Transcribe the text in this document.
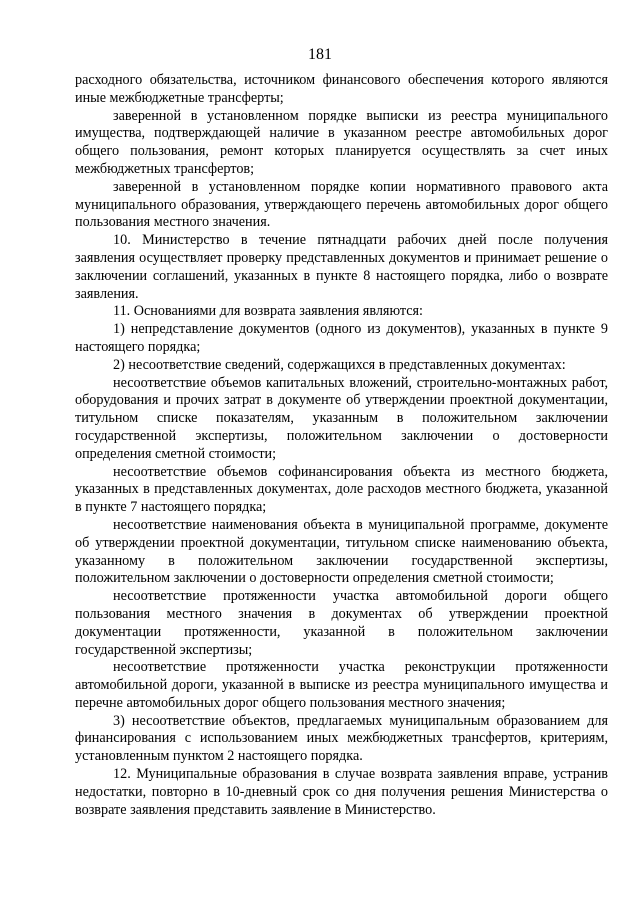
181

расходного обязательства, источником финансового обеспечения которого являются иные межбюджетные трансферты;

заверенной в установленном порядке выписки из реестра муниципального имущества, подтверждающей наличие в указанном реестре автомобильных дорог общего пользования, ремонт которых планируется осуществлять за счет иных межбюджетных трансфертов;

заверенной в установленном порядке копии нормативного правового акта муниципального образования, утверждающего перечень автомобильных дорог общего пользования местного значения.

10. Министерство в течение пятнадцати рабочих дней после получения заявления осуществляет проверку представленных документов и принимает решение о заключении соглашений, указанных в пункте 8 настоящего порядка, либо о возврате заявления.

11. Основаниями для возврата заявления являются:

1) непредставление документов (одного из документов), указанных в пункте 9 настоящего порядка;

2) несоответствие сведений, содержащихся в представленных документах:

несоответствие объемов капитальных вложений, строительно-монтажных работ, оборудования и прочих затрат в документе об утверждении проектной документации, титульном списке показателям, указанным в положительном заключении государственной экспертизы, положительном заключении о достоверности определения сметной стоимости;

несоответствие объемов софинансирования объекта из местного бюджета, указанных в представленных документах, доле расходов местного бюджета, указанной в пункте 7 настоящего порядка;

несоответствие наименования объекта в муниципальной программе, документе об утверждении проектной документации, титульном списке наименованию объекта, указанному в положительном заключении государственной экспертизы, положительном заключении о достоверности определения сметной стоимости;

несоответствие протяженности участка автомобильной дороги общего пользования местного значения в документах об утверждении проектной документации протяженности, указанной в положительном заключении государственной экспертизы;

несоответствие протяженности участка реконструкции протяженности автомобильной дороги, указанной в выписке из реестра муниципального имущества и перечне автомобильных дорог общего пользования местного значения;

3) несоответствие объектов, предлагаемых муниципальным образованием для финансирования с использованием иных межбюджетных трансфертов, критериям, установленным пунктом 2 настоящего порядка.

12. Муниципальные образования в случае возврата заявления вправе, устранив недостатки, повторно в 10-дневный срок со дня получения решения Министерства о возврате заявления представить заявление в Министерство.
